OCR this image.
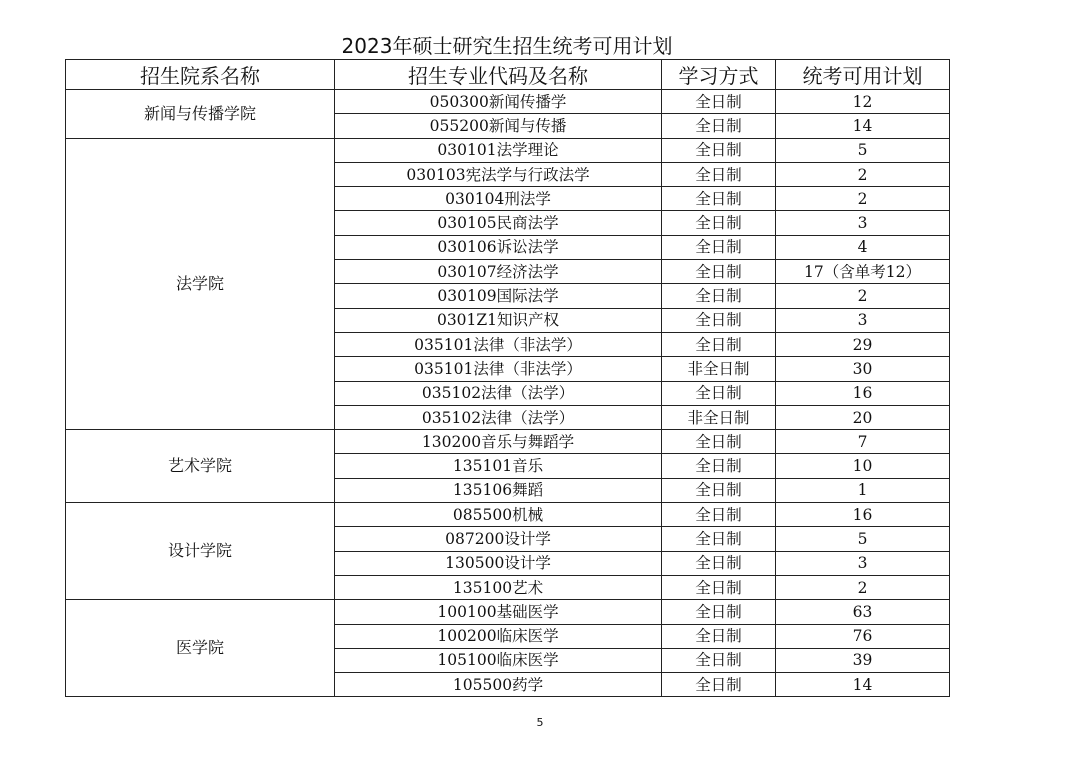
2023年硕士研究生招生统考可用计划
招生院系名称	招生专业代码及名称	学习方式	统考可用计划
新闻与传播学院	050300新闻传播学	全日制	12
	055200新闻与传播	全日制	14
法学院	030101法学理论	全日制	5
	030103宪法学与行政法学	全日制	2
	030104刑法学	全日制	2
	030105民商法学	全日制	3
	030106诉讼法学	全日制	4
	030107经济法学	全日制	17（含单考12）
	030109国际法学	全日制	2
	0301Z1知识产权	全日制	3
	035101法律（非法学）	全日制	29
	035101法律（非法学）	非全日制	30
	035102法律（法学）	全日制	16
	035102法律（法学）	非全日制	20
艺术学院	130200音乐与舞蹈学	全日制	7
	135101音乐	全日制	10
	135106舞蹈	全日制	1
设计学院	085500机械	全日制	16
	087200设计学	全日制	5
	130500设计学	全日制	3
	135100艺术	全日制	2
医学院	100100基础医学	全日制	63
	100200临床医学	全日制	76
	105100临床医学	全日制	39
	105500药学	全日制	14
5
